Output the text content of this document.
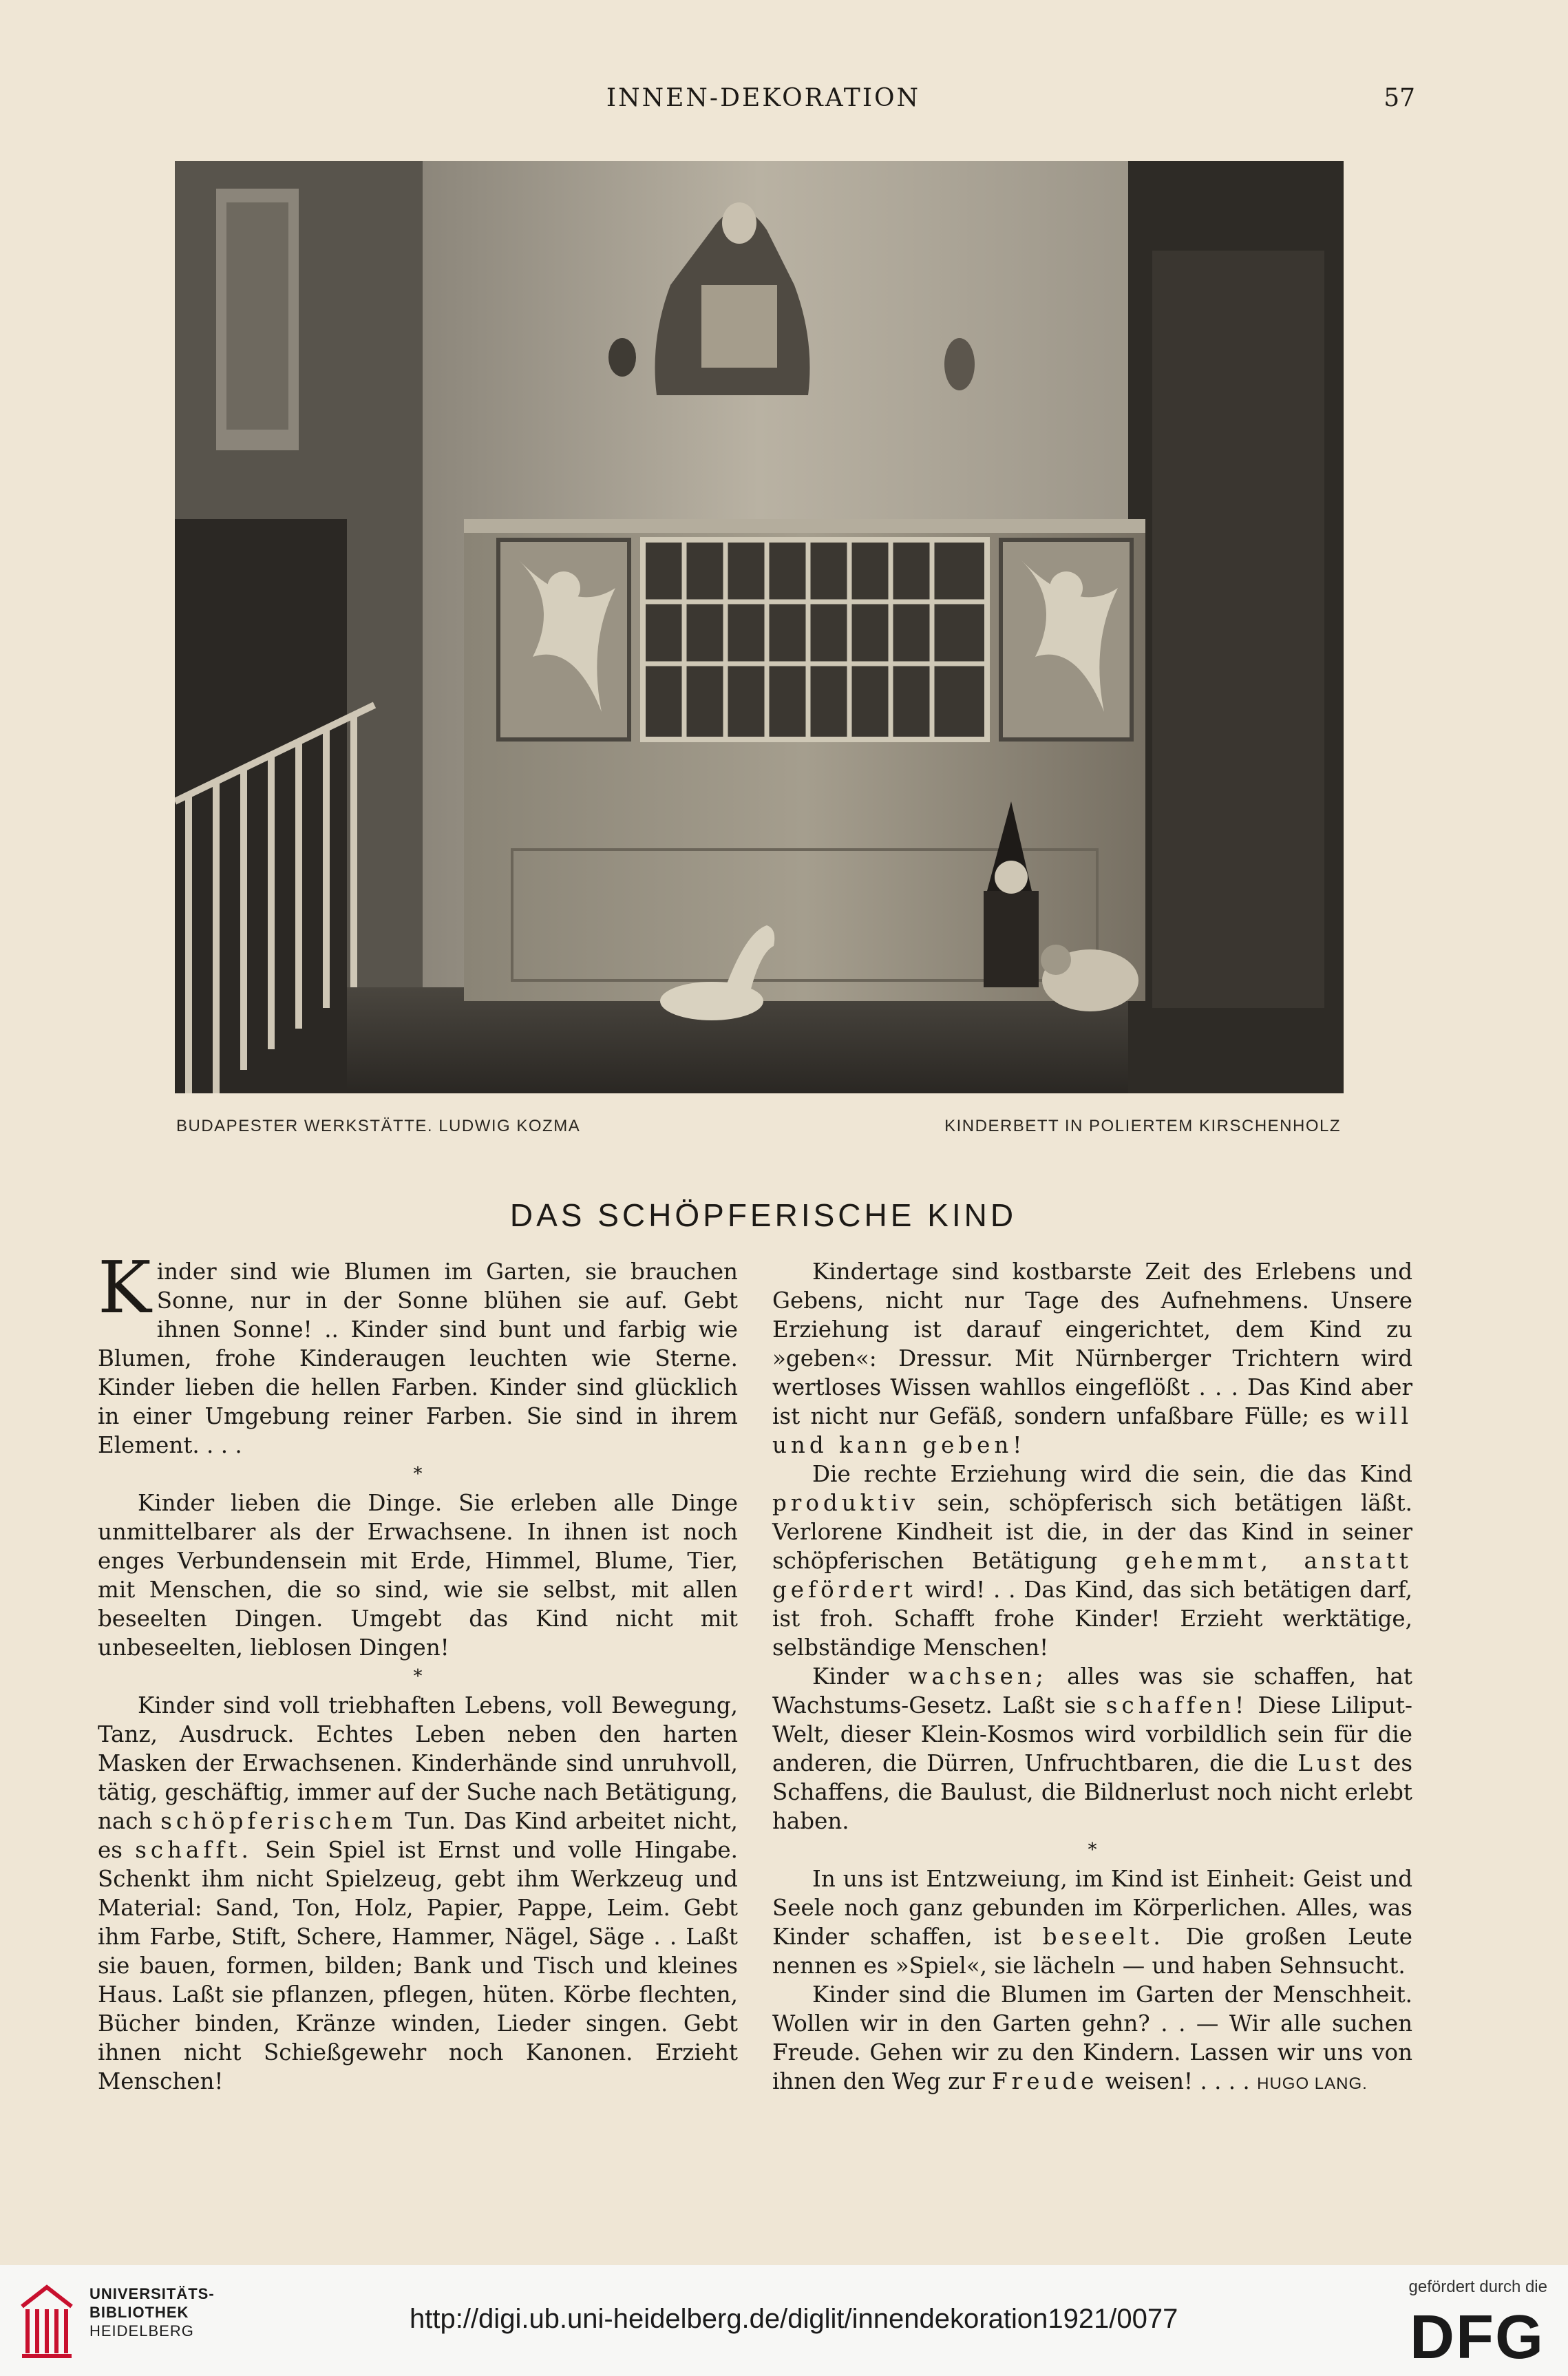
INNEN-DEKORATION	57
BUDAPESTER WERKSTÄTTE. LUDWIG KOZMA	KINDERBETT IN POLIERTEM KIRSCHENHOLZ
DAS SCHÖPFERISCHE KIND

Kinder sind wie Blumen im Garten, sie brauchen Sonne, nur in der Sonne blühen sie auf. Gebt ihnen Sonne! .. Kinder sind bunt und farbig wie Blumen, frohe Kinderaugen leuchten wie Sterne. Kinder lieben die hellen Farben. Kinder sind glücklich in einer Umgebung reiner Farben. Sie sind in ihrem Element. . . .

*

Kinder lieben die Dinge. Sie erleben alle Dinge unmittelbarer als der Erwachsene. In ihnen ist noch enges Verbundensein mit Erde, Himmel, Blume, Tier, mit Menschen, die so sind, wie sie selbst, mit allen beseelten Dingen. Umgebt das Kind nicht mit unbeseelten, lieblosen Dingen!

*

Kinder sind voll triebhaften Lebens, voll Bewegung, Tanz, Ausdruck. Echtes Leben neben den harten Masken der Erwachsenen. Kinderhände sind unruhvoll, tätig, geschäftig, immer auf der Suche nach Betätigung, nach schöpferischem Tun. Das Kind arbeitet nicht, es schafft. Sein Spiel ist Ernst und volle Hingabe. Schenkt ihm nicht Spielzeug, gebt ihm Werkzeug und Material: Sand, Ton, Holz, Papier, Pappe, Leim. Gebt ihm Farbe, Stift, Schere, Hammer, Nägel, Säge . . Laßt sie bauen, formen, bilden; Bank und Tisch und kleines Haus. Laßt sie pflanzen, pflegen, hüten. Körbe flechten, Bücher binden, Kränze winden, Lieder singen. Gebt ihnen nicht Schießgewehr noch Kanonen. Erzieht Menschen!

Kindertage sind kostbarste Zeit des Erlebens und Gebens, nicht nur Tage des Aufnehmens. Unsere Erziehung ist darauf eingerichtet, dem Kind zu »geben«: Dressur. Mit Nürnberger Trichtern wird wertloses Wissen wahllos eingeflößt . . . Das Kind aber ist nicht nur Gefäß, sondern unfaßbare Fülle; es will und kann geben!

Die rechte Erziehung wird die sein, die das Kind produktiv sein, schöpferisch sich betätigen läßt. Verlorene Kindheit ist die, in der das Kind in seiner schöpferischen Betätigung gehemmt, anstatt gefördert wird! . . Das Kind, das sich betätigen darf, ist froh. Schafft frohe Kinder! Erzieht werktätige, selbständige Menschen!

Kinder wachsen; alles was sie schaffen, hat Wachstums-Gesetz. Laßt sie schaffen! Diese Liliput-Welt, dieser Klein-Kosmos wird vorbildlich sein für die anderen, die Dürren, Unfruchtbaren, die die Lust des Schaffens, die Baulust, die Bildnerlust noch nicht erlebt haben.

*

In uns ist Entzweiung, im Kind ist Einheit: Geist und Seele noch ganz gebunden im Körperlichen. Alles, was Kinder schaffen, ist beseelt. Die großen Leute nennen es »Spiel«, sie lächeln — und haben Sehnsucht.

Kinder sind die Blumen im Garten der Menschheit. Wollen wir in den Garten gehn? . . — Wir alle suchen Freude. Gehen wir zu den Kindern. Lassen wir uns von ihnen den Weg zur Freude weisen! . . . . HUGO LANG.

UNIVERSITÄTS-
BIBLIOTHEK
HEIDELBERG	http://digi.ub.uni-heidelberg.de/diglit/innendekoration1921/0077
gefördert durch die
DFG
